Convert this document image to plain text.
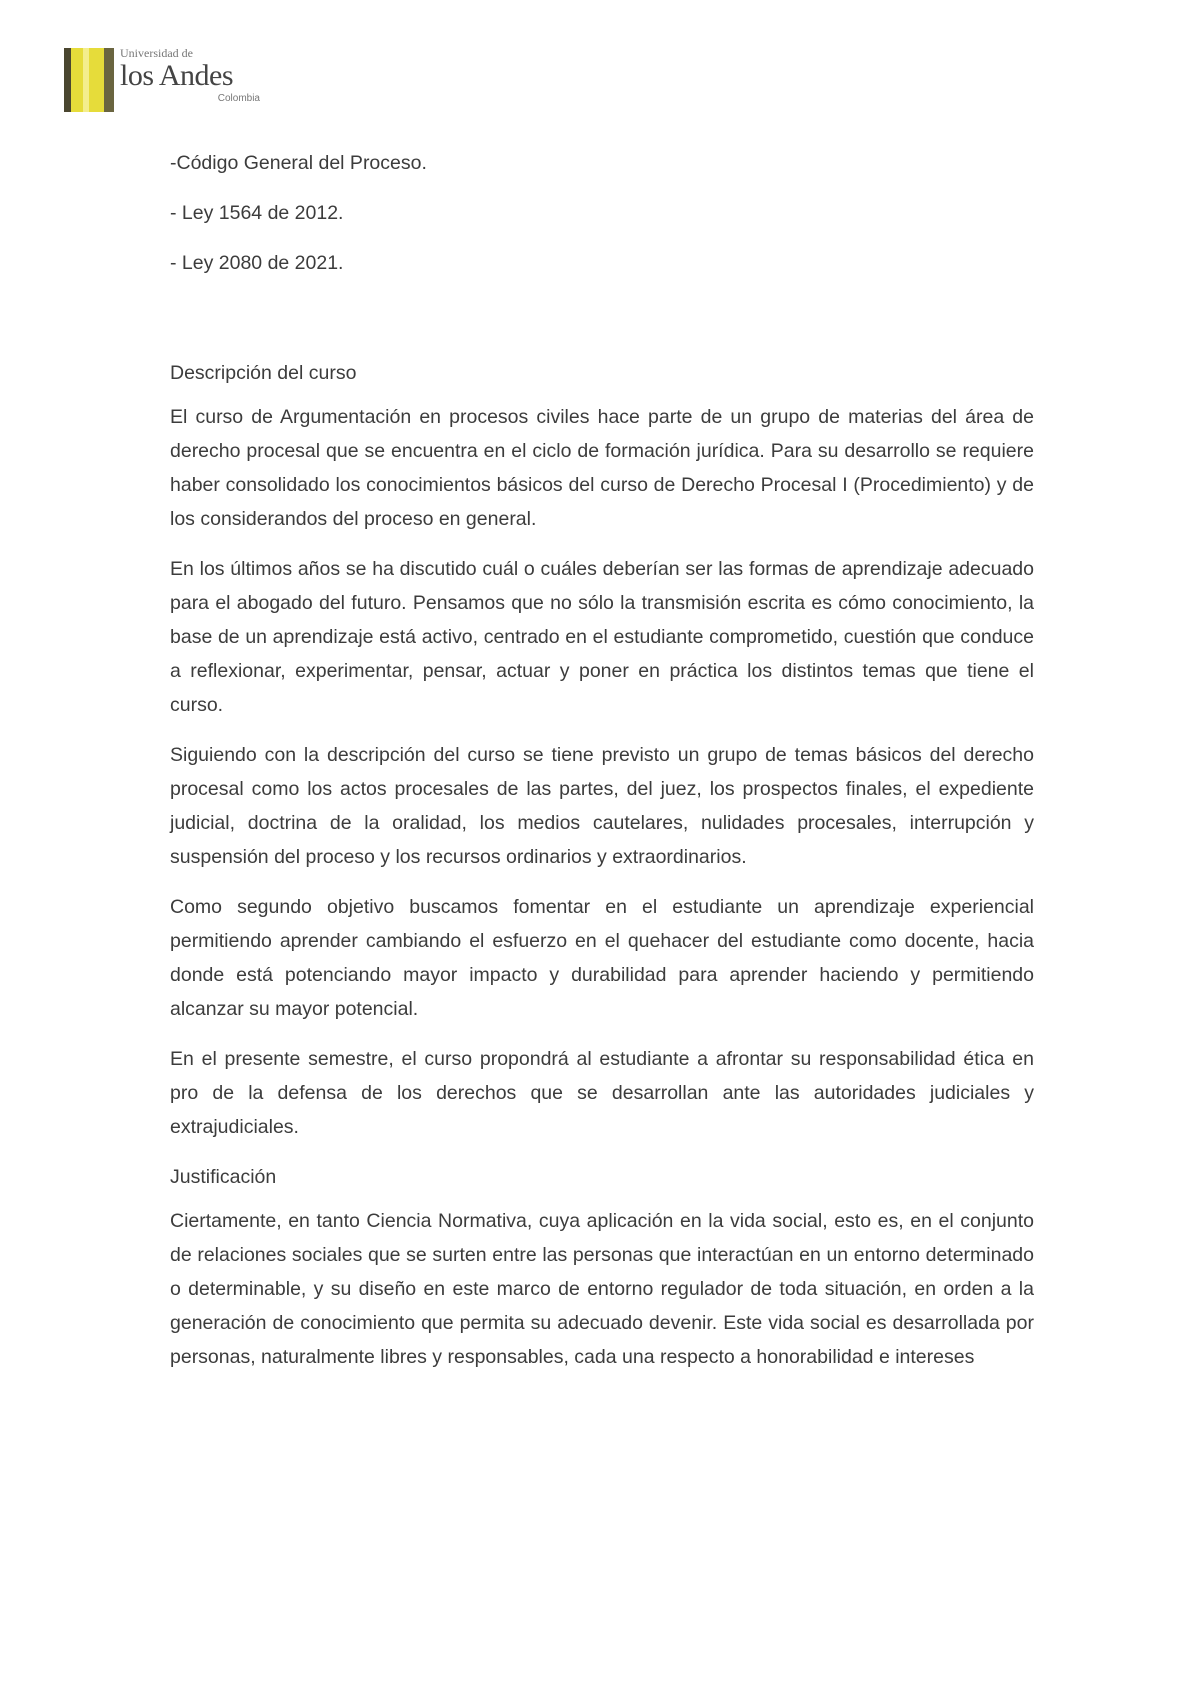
Universidad de
los Andes
Colombia

-Código General del Proceso.

- Ley 1564 de 2012.

- Ley 2080 de 2021.

Descripción del curso

El curso de Argumentación en procesos civiles hace parte de un grupo de materias del área de derecho procesal que se encuentra en el ciclo de formación jurídica. Para su desarrollo se requiere haber consolidado los conocimientos básicos del curso de Derecho Procesal I (Procedimiento) y de los considerandos del proceso en general.

En los últimos años se ha discutido cuál o cuáles deberían ser las formas de aprendizaje adecuado para el abogado del futuro. Pensamos que no sólo la transmisión escrita es cómo conocimiento, la base de un aprendizaje está activo, centrado en el estudiante comprometido, cuestión que conduce a reflexionar, experimentar, pensar, actuar y poner en práctica los distintos temas que tiene el curso.

Siguiendo con la descripción del curso se tiene previsto un grupo de temas básicos del derecho procesal como los actos procesales de las partes, del juez, los prospectos finales, el expediente judicial, doctrina de la oralidad, los medios cautelares, nulidades procesales, interrupción y suspensión del proceso y los recursos ordinarios y extraordinarios.

Como segundo objetivo buscamos fomentar en el estudiante un aprendizaje experiencial permitiendo aprender cambiando el esfuerzo en el quehacer del estudiante como docente, hacia donde está potenciando mayor impacto y durabilidad para aprender haciendo y permitiendo alcanzar su mayor potencial.

En el presente semestre, el curso propondrá al estudiante a afrontar su responsabilidad ética en pro de la defensa de los derechos que se desarrollan ante las autoridades judiciales y extrajudiciales.

Justificación

Ciertamente, en tanto Ciencia Normativa, cuya aplicación en la vida social, esto es, en el conjunto de relaciones sociales que se surten entre las personas que interactúan en un entorno determinado o determinable, y su diseño en este marco de entorno regulador de toda situación, en orden a la generación de conocimiento que permita su adecuado devenir. Este vida social es desarrollada por personas, naturalmente libres y responsables, cada una respecto a honorabilidad e intereses
